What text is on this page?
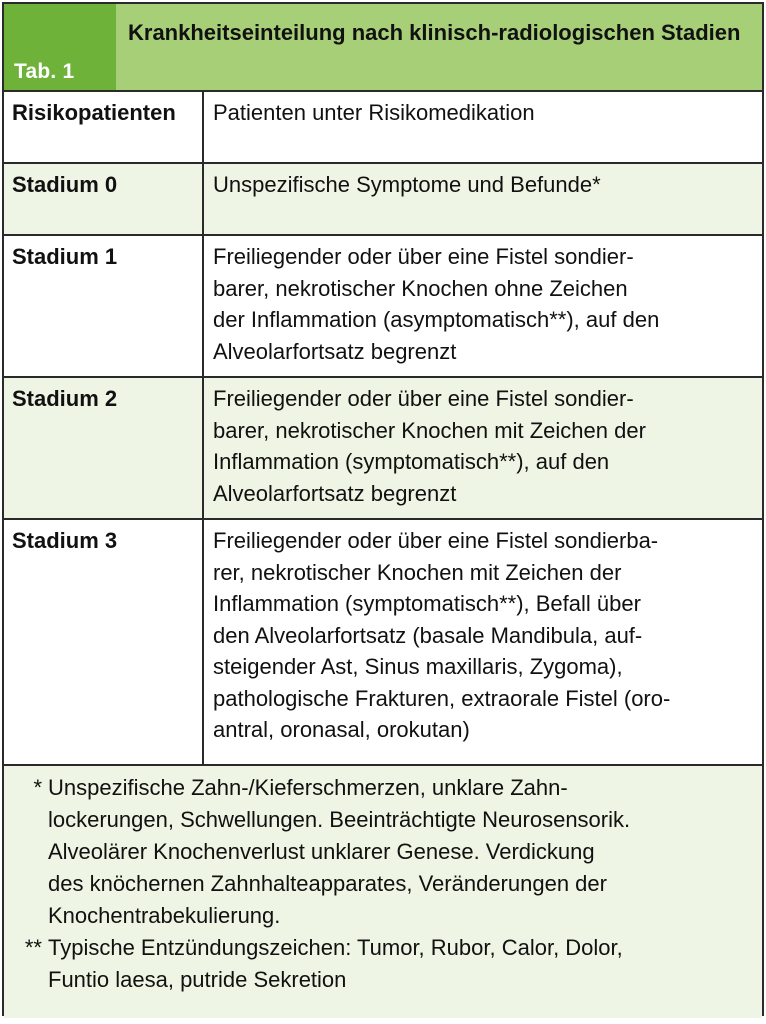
Tab. 1
Krankheitseinteilung nach klinisch-radiologischen Stadien
Risikopatienten	Patienten unter Risikomedikation
Stadium 0	Unspezifische Symptome und Befunde*
Stadium 1	Freiliegender oder über eine Fistel sondier-
barer, nekrotischer Knochen ohne Zeichen
der Inflammation (asymptomatisch**), auf den
Alveolarfortsatz begrenzt
Stadium 2	Freiliegender oder über eine Fistel sondier-
barer, nekrotischer Knochen mit Zeichen der
Inflammation (symptomatisch**), auf den
Alveolarfortsatz begrenzt
Stadium 3	Freiliegender oder über eine Fistel sondierba-
rer, nekrotischer Knochen mit Zeichen der
Inflammation (symptomatisch**), Befall über
den Alveolarfortsatz (basale Mandibula, auf-
steigender Ast, Sinus maxillaris, Zygoma),
pathologische Frakturen, extraorale Fistel (oro-
antral, oronasal, orokutan)
* Unspezifische Zahn-/Kieferschmerzen, unklare Zahn-
lockerungen, Schwellungen. Beeinträchtigte Neurosensorik.
Alveolärer Knochenverlust unklarer Genese. Verdickung
des knöchernen Zahnhalteapparates, Veränderungen der
Knochentrabekulierung.
** Typische Entzündungszeichen: Tumor, Rubor, Calor, Dolor,
Funtio laesa, putride Sekretion
